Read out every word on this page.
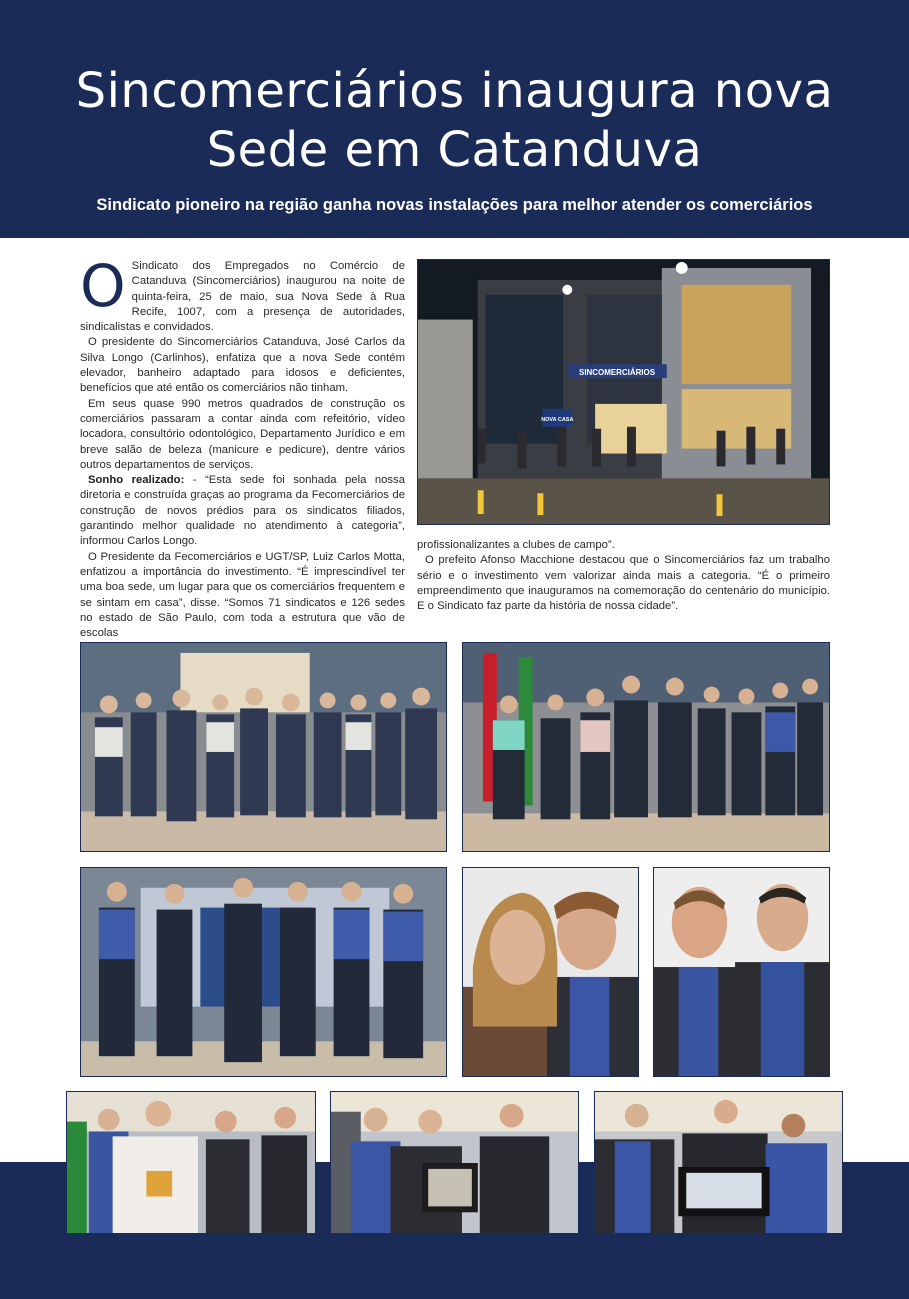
Sincomerciários inaugura nova
Sede em Catanduva
Sindicato pioneiro na região ganha novas instalações para melhor atender os comerciários

O Sindicato dos Empregados no Comércio de Catanduva (Sincomerciários) inaugurou na noite de quinta-feira, 25 de maio, sua Nova Sede à Rua Recife, 1007, com a presença de autoridades, sindicalistas e convidados.

O presidente do Sincomerciários Catanduva, José Carlos da Silva Longo (Carlinhos), enfatiza que a nova Sede contém elevador, banheiro adaptado para idosos e deficientes, benefícios que até então os comerciários não tinham.

Em seus quase 990 metros quadrados de construção os comerciários passaram a contar ainda com refeitório, vídeo locadora, consultório odontológico, Departamento Jurídico e em breve salão de beleza (manicure e pedicure), dentre vários outros departamentos de serviços.

Sonho realizado: - “Esta sede foi sonhada pela nossa diretoria e construída graças ao programa da Fecomerciários de construção de novos prédios para os sindicatos filiados, garantindo melhor qualidade no atendimento à categoria”, informou Carlos Longo.

O Presidente da Fecomerciários e UGT/SP, Luiz Carlos Motta, enfatizou a importância do investimento. “É imprescindível ter uma boa sede, um lugar para que os comerciários frequentem e se sintam em casa”, disse. “Somos 71 sindicatos e 126 sedes no estado de São Paulo, com toda a estrutura que vão de escolas

profissionalizantes a clubes de campo”.

O prefeito Afonso Macchione destacou que o Sincomerciários faz um trabalho sério e o investimento vem valorizar ainda mais a categoria. “É o primeiro empreendimento que inauguramos na comemoração do centenário do município. E o Sindicato faz parte da história de nossa cidade”.

SINCOMERCIÁRIOS
NOVA CASA
